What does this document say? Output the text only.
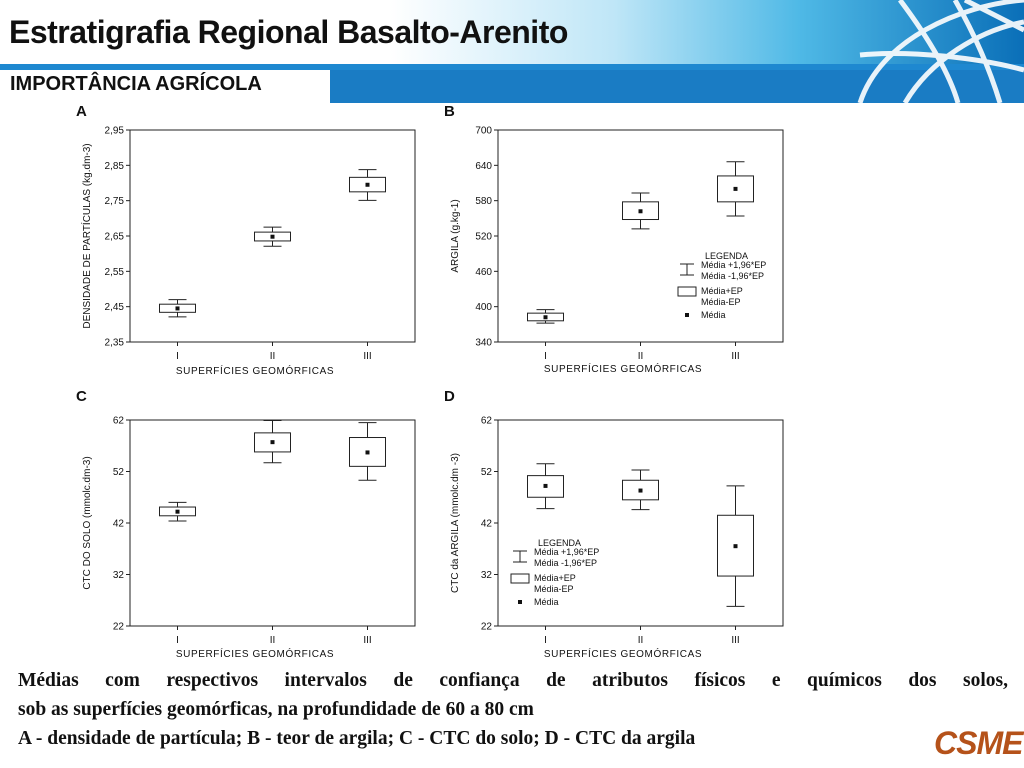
Estratigrafia Regional Basalto-Arenito
IMPORTÂNCIA AGRÍCOLA
A	B
C	D
2,35
2,45
2,55
2,65
2,75
2,85
2,95
I	II	III
SUPERFÍCIES GEOMÓRFICAS
DENSIDADE DE PARTÍCULAS (kg.dm-3)
340
400
460
520
580
640
700
I	II	III
SUPERFÍCIES GEOMÓRFICAS
ARGILA (g.kg-1)	LEGENDA
Média +1,96*EP
Média -1,96*EP
Média+EP
Média-EP
Média
22
32
42
52
62
I	II	III
SUPERFÍCIES GEOMÓRFICAS
CTC DO SOLO (mmolc.dm-3)
22
32
42
52
62
I	II	III
SUPERFÍCIES GEOMÓRFICAS
CTC da ARGILA (mmolc.dm -3)	LEGENDA
Média +1,96*EP
Média -1,96*EP
Média+EP
Média-EP
Média
Médias com respectivos intervalos de confiança de atributos físicos e químicos dos solos,
sob as superfícies geomórficas, na profundidade de 60 a 80 cm
A - densidade de partícula; B - teor de argila; C - CTC do solo; D - CTC da argila	CSME
